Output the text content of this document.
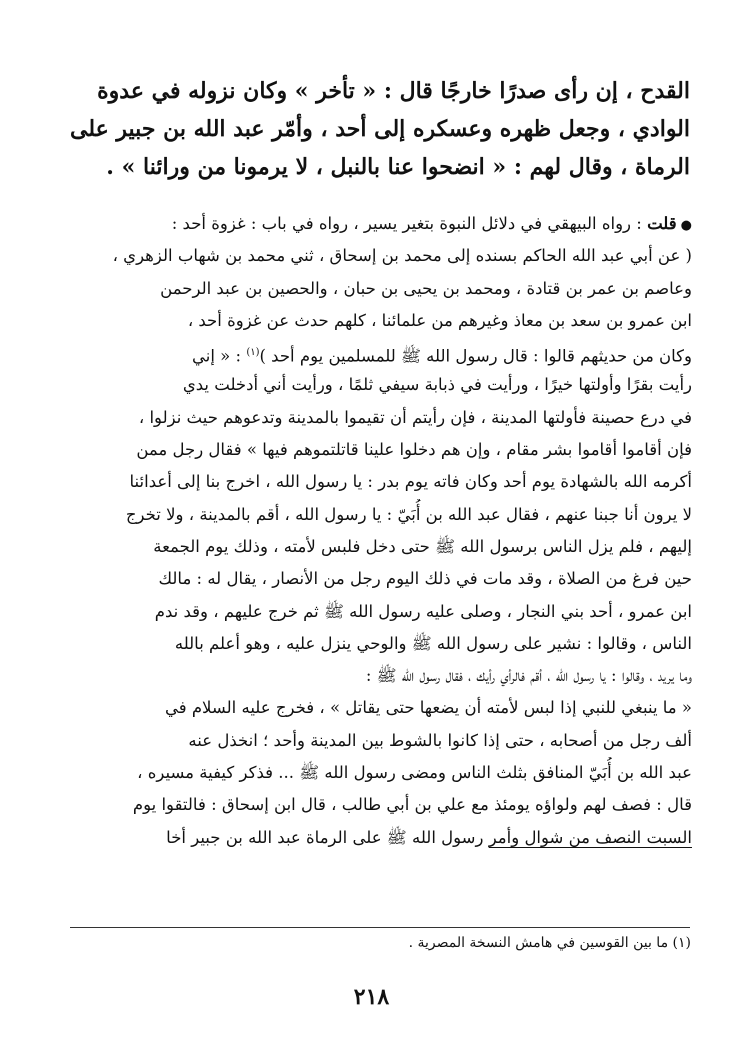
القدح ، إن رأى صدرًا خارجًا قال : « تأخر » وكان نزوله في عدوة
الوادي ، وجعل ظهره وعسكره إلى أحد ، وأمّر عبد الله بن جبير على
الرماة ، وقال لهم : « انضحوا عنا بالنبل ، لا يرمونا من ورائنا » .
●قلت : رواه البيهقي في دلائل النبوة بتغير يسير ، رواه في باب : غزوة أحد :
( عن أبي عبد الله الحاكم بسنده إلى محمد بن إسحاق ، ثني محمد بن شهاب الزهري ،
وعاصم بن عمر بن قتادة ، ومحمد بن يحيى بن حبان ، والحصين بن عبد الرحمن
ابن عمرو بن سعد بن معاذ وغيرهم من علمائنا ، كلهم حدث عن غزوة أحد ،
وكان من حديثهم قالوا : قال رسول الله ﷺ للمسلمين يوم أحد )$^{(١)}$ : « إني
رأيت بقرًا وأولتها خيرًا ، ورأيت في ذبابة سيفي ثلمًا ، ورأيت أني أدخلت يدي
في درع حصينة فأولتها المدينة ، فإن رأيتم أن تقيموا بالمدينة وتدعوهم حيث نزلوا ،
فإن أقاموا أقاموا بشر مقام ، وإن هم دخلوا علينا قاتلتموهم فيها » فقال رجل ممن
أكرمه الله بالشهادة يوم أحد وكان فاته يوم بدر : يا رسول الله ، اخرج بنا إلى أعدائنا
لا يرون أنا جبنا عنهم ، فقال عبد الله بن أُبَيّ : يا رسول الله ، أقم بالمدينة ، ولا تخرج
إليهم ، فلم يزل الناس برسول الله ﷺ حتى دخل فلبس لأمته ، وذلك يوم الجمعة
حين فرغ من الصلاة ، وقد مات في ذلك اليوم رجل من الأنصار ، يقال له : مالك
ابن عمرو ، أحد بني النجار ، وصلى عليه رسول الله ﷺ ثم خرج عليهم ، وقد ندم
الناس ، وقالوا : نشير على رسول الله ﷺ والوحي ينزل عليه ، وهو أعلم بالله
وما يريد ، وقالوا : يا رسول الله ، أقم فالرأي رأيك ، فقال رسول الله ﷺ :
« ما ينبغي للنبي إذا لبس لأمته أن يضعها حتى يقاتل » ، فخرج عليه السلام في
ألف رجل من أصحابه ، حتى إذا كانوا بالشوط بين المدينة وأحد ؛ انخذل عنه
عبد الله بن أُبَيّ المنافق بثلث الناس ومضى رسول الله ﷺ ... فذكر كيفية مسيره ،
قال : فصف لهم ولواؤه يومئذ مع علي بن أبي طالب ، قال ابن إسحاق : فالتقوا يوم
السبت النصف من شوال وأمر رسول الله ﷺ على الرماة عبد الله بن جبير أخا
(١) ما بين القوسين في هامش النسخة المصرية .
٢١٨
